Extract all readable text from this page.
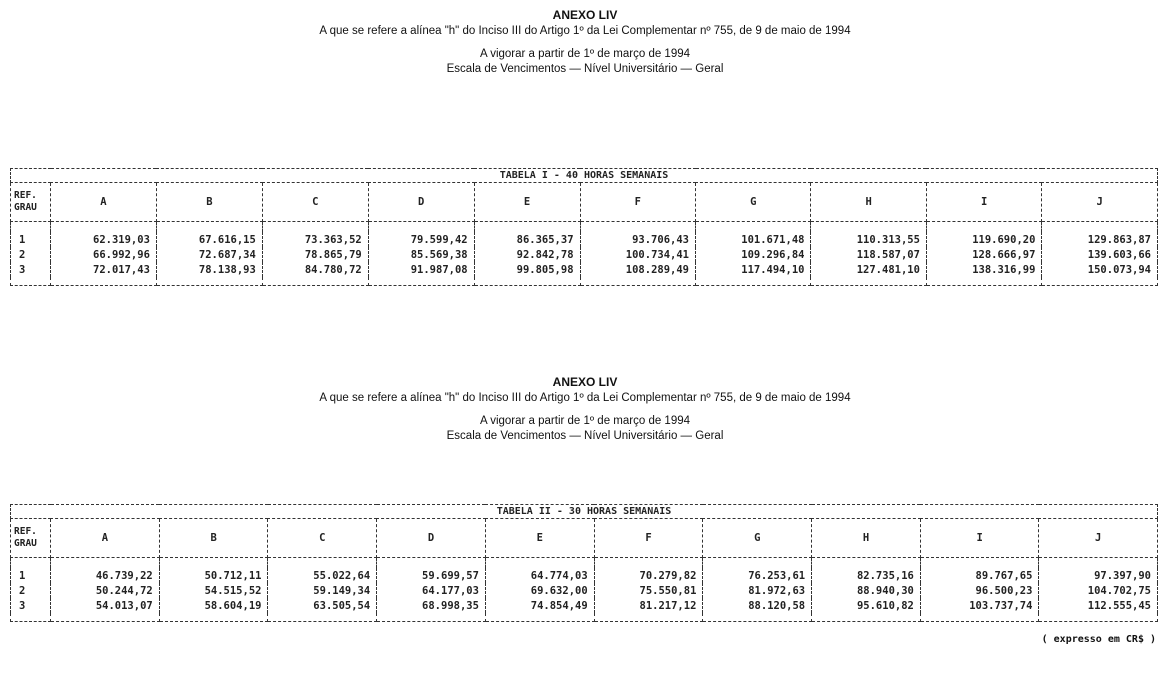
ANEXO LIV
A que se refere a alínea "h" do Inciso III do Artigo 1º da Lei Complementar nº 755, de 9 de maio de 1994
A vigorar a partir de 1º de março de 1994
Escala de Vencimentos — Nível Universitário — Geral
TABELA I - 40 HORAS SEMANAIS										
REF.
GRAU	A	B	C	D	E	F	G	H	I	J

1	62.319,03	67.616,15	73.363,52	79.599,42	86.365,37	93.706,43	101.671,48	110.313,55	119.690,20	129.863,87
2	66.992,96	72.687,34	78.865,79	85.569,38	92.842,78	100.734,41	109.296,84	118.587,07	128.666,97	139.603,66
3	72.017,43	78.138,93	84.780,72	91.987,08	99.805,98	108.289,49	117.494,10	127.481,10	138.316,99	150.073,94

ANEXO LIV
A que se refere a alínea "h" do Inciso III do Artigo 1º da Lei Complementar nº 755, de 9 de maio de 1994
A vigorar a partir de 1º de março de 1994
Escala de Vencimentos — Nível Universitário — Geral
TABELA II - 30 HORAS SEMANAIS										
REF.
GRAU	A	B	C	D	E	F	G	H	I	J

1	46.739,22	50.712,11	55.022,64	59.699,57	64.774,03	70.279,82	76.253,61	82.735,16	89.767,65	97.397,90
2	50.244,72	54.515,52	59.149,34	64.177,03	69.632,00	75.550,81	81.972,63	88.940,30	96.500,23	104.702,75
3	54.013,07	58.604,19	63.505,54	68.998,35	74.854,49	81.217,12	88.120,58	95.610,82	103.737,74	112.555,45

( expresso em CR$ )
